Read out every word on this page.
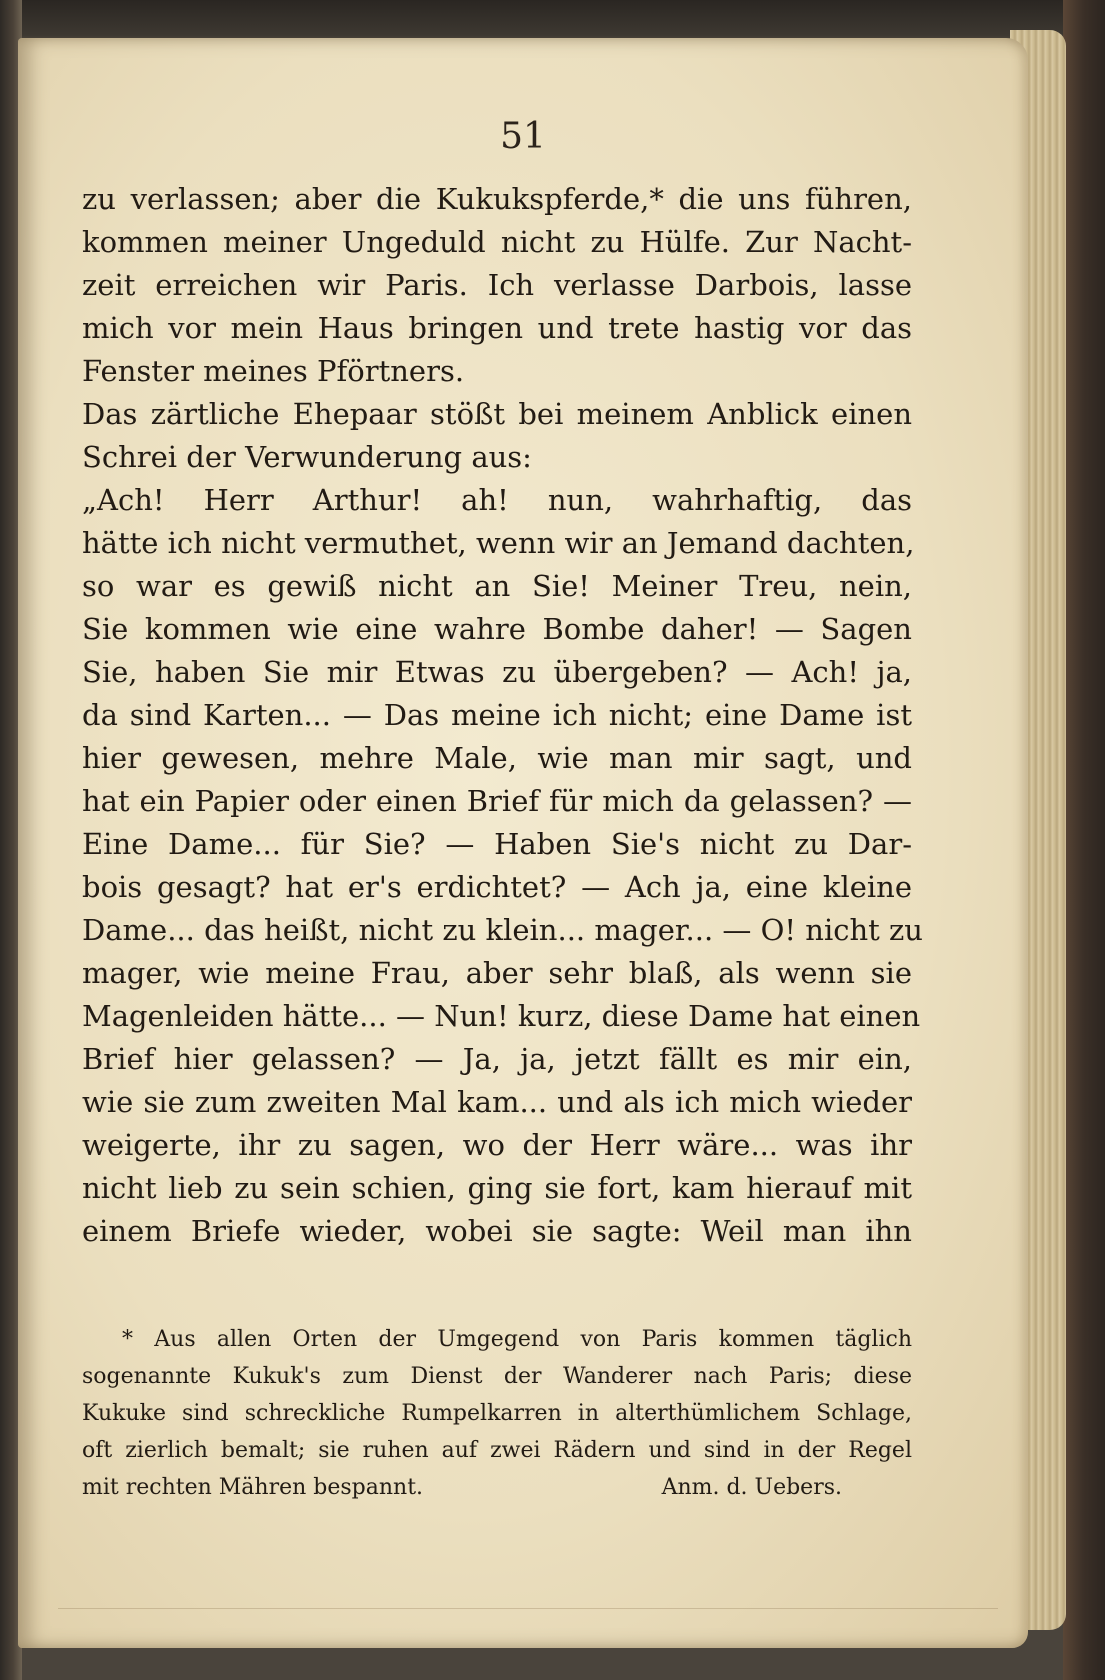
51
zu verlassen; aber die Kukukspferde,* die uns führen,
kommen meiner Ungeduld nicht zu Hülfe. Zur Nacht-
zeit erreichen wir Paris. Ich verlasse Darbois, lasse
mich vor mein Haus bringen und trete hastig vor das
Fenster meines Pförtners.
Das zärtliche Ehepaar stößt bei meinem Anblick einen
Schrei der Verwunderung aus:
„Ach! Herr Arthur! ah! nun, wahrhaftig, das
hätte ich nicht vermuthet, wenn wir an Jemand dachten,
so war es gewiß nicht an Sie! Meiner Treu, nein,
Sie kommen wie eine wahre Bombe daher! — Sagen
Sie, haben Sie mir Etwas zu übergeben? — Ach! ja,
da sind Karten... — Das meine ich nicht; eine Dame ist
hier gewesen, mehre Male, wie man mir sagt, und
hat ein Papier oder einen Brief für mich da gelassen? —
Eine Dame... für Sie? — Haben Sie's nicht zu Dar-
bois gesagt? hat er's erdichtet? — Ach ja, eine kleine
Dame... das heißt, nicht zu klein... mager... — O! nicht zu
mager, wie meine Frau, aber sehr blaß, als wenn sie
Magenleiden hätte... — Nun! kurz, diese Dame hat einen
Brief hier gelassen? — Ja, ja, jetzt fällt es mir ein,
wie sie zum zweiten Mal kam... und als ich mich wieder
weigerte, ihr zu sagen, wo der Herr wäre... was ihr
nicht lieb zu sein schien, ging sie fort, kam hierauf mit
einem Briefe wieder, wobei sie sagte: Weil man ihn
* Aus allen Orten der Umgegend von Paris kommen täglich
sogenannte Kukuk's zum Dienst der Wanderer nach Paris; diese
Kukuke sind schreckliche Rumpelkarren in alterthümlichem Schlage,
oft zierlich bemalt; sie ruhen auf zwei Rädern und sind in der Regel
mit rechten Mähren bespannt.	Anm. d. Uebers.
